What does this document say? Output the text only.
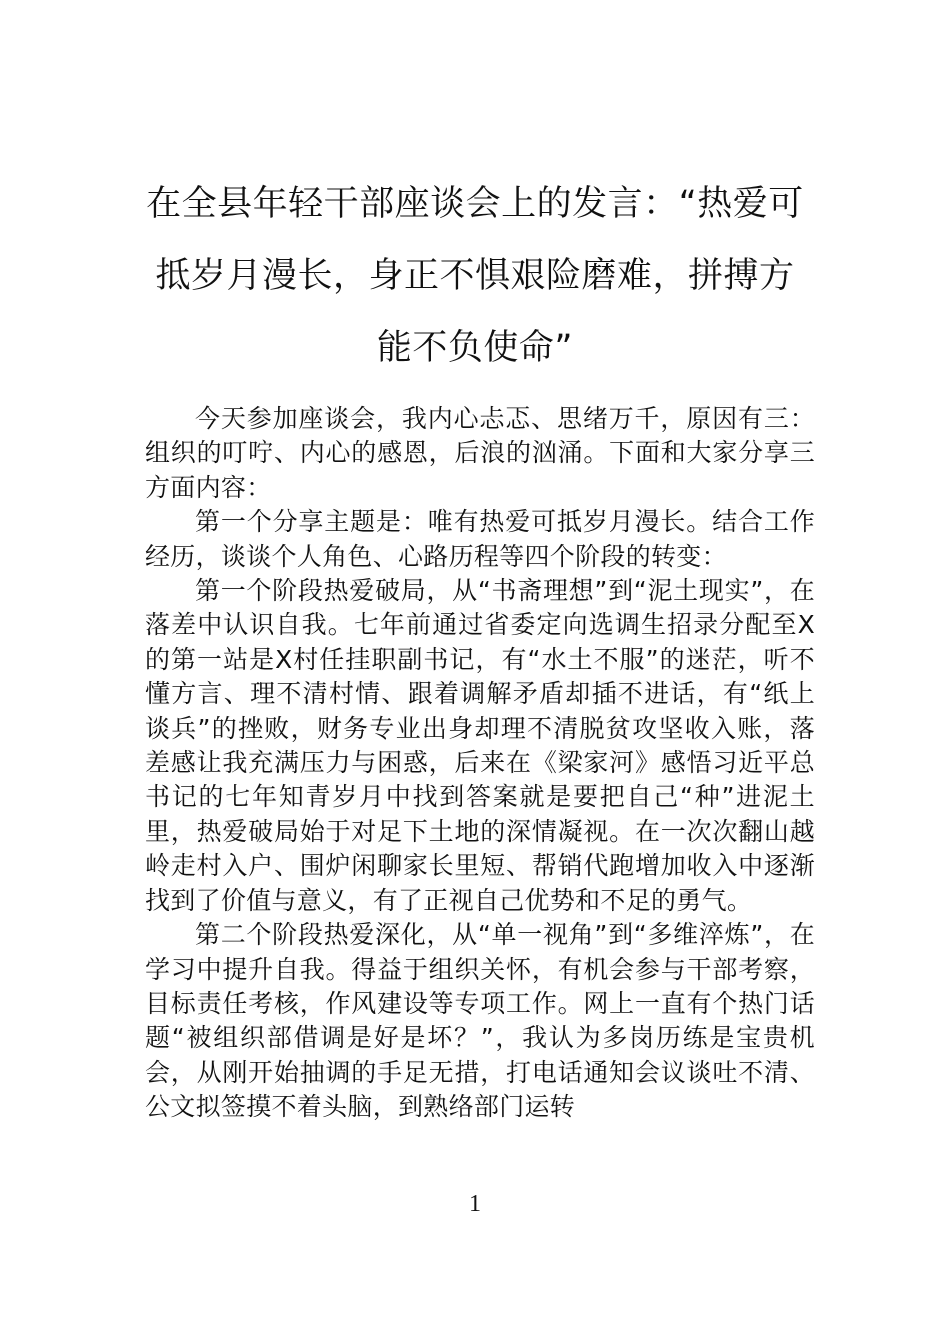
在全县年轻干部座谈会上的发言：“热爱可抵岁月漫长，身正不惧艰险磨难，拼搏方能不负使命”

今天参加座谈会，我内心忐忑、思绪万千，原因有三：组织的叮咛、内心的感恩，后浪的汹涌。下面和大家分享三方面内容：

第一个分享主题是：唯有热爱可抵岁月漫长。结合工作经历，谈谈个人角色、心路历程等四个阶段的转变：

第一个阶段热爱破局，从“书斋理想”到“泥土现实”，在落差中认识自我。七年前通过省委定向选调生招录分配至X的第一站是X村任挂职副书记，有“水土不服”的迷茫，听不懂方言、理不清村情、跟着调解矛盾却插不进话，有“纸上谈兵”的挫败，财务专业出身却理不清脱贫攻坚收入账，落差感让我充满压力与困惑，后来在《梁家河》感悟习近平总书记的七年知青岁月中找到答案就是要把自己“种”进泥土里，热爱破局始于对足下土地的深情凝视。在一次次翻山越岭走村入户、围炉闲聊家长里短、帮销代跑增加收入中逐渐找到了价值与意义，有了正视自己优势和不足的勇气。

第二个阶段热爱深化，从“单一视角”到“多维淬炼”，在学习中提升自我。得益于组织关怀，有机会参与干部考察，目标责任考核，作风建设等专项工作。网上一直有个热门话题“被组织部借调是好是坏？”，我认为多岗历练是宝贵机会，从刚开始抽调的手足无措，打电话通知会议谈吐不清、公文拟签摸不着头脑，到熟络部门运转

1
